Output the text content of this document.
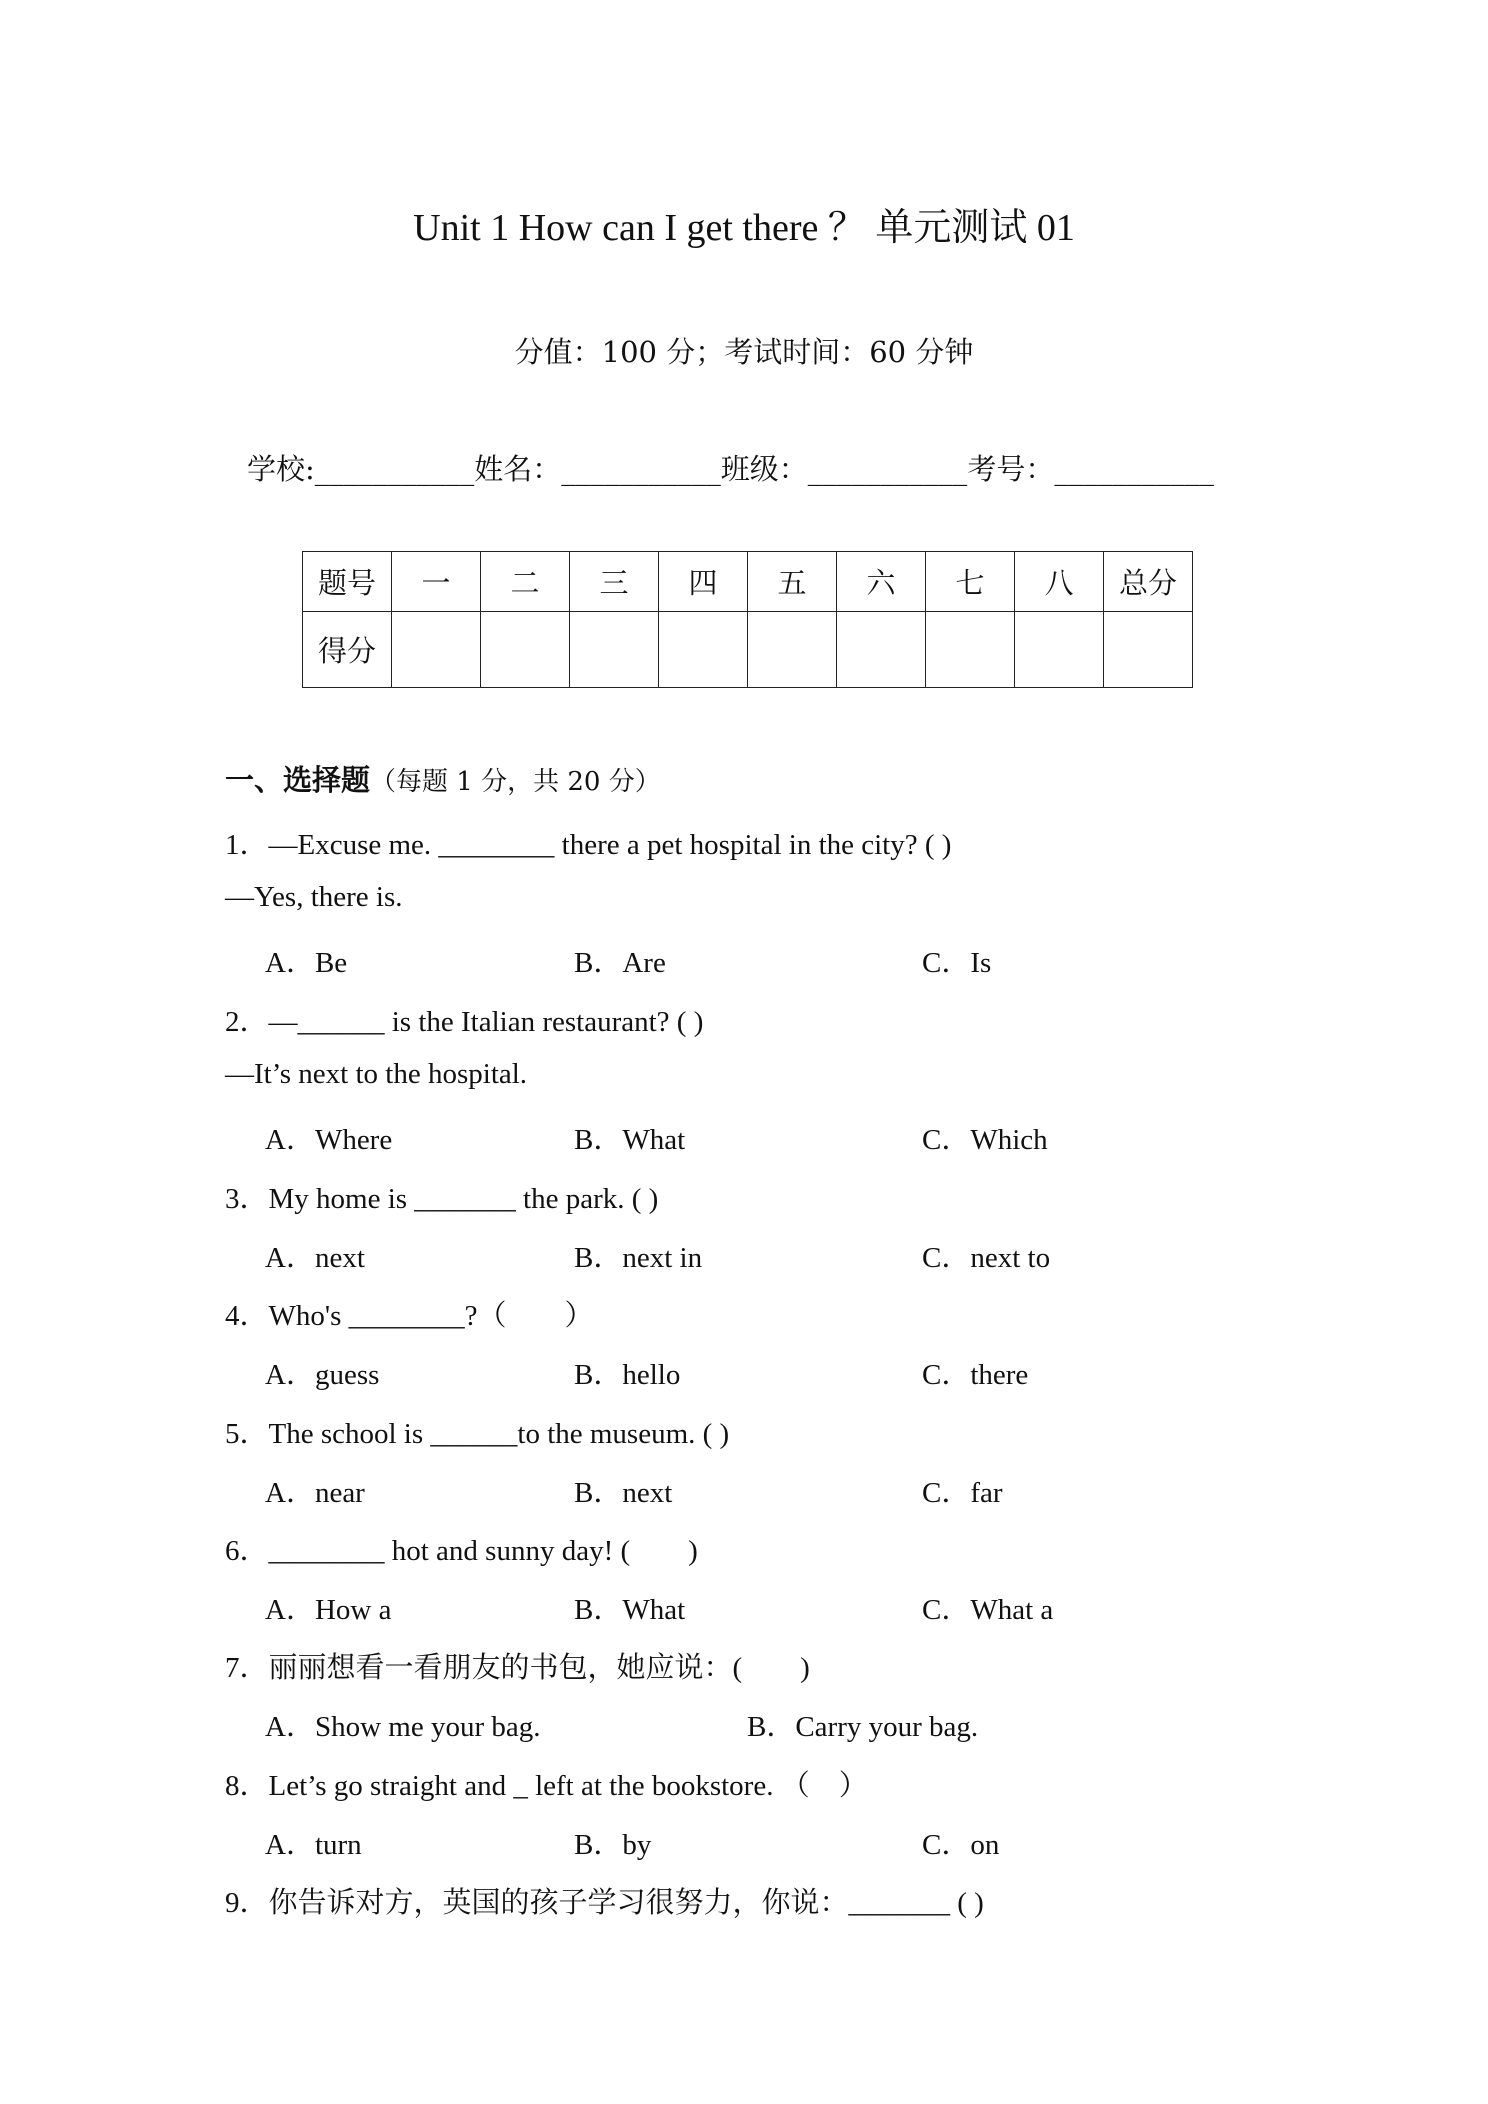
Unit 1 How can I get there ？ 单元测试 01
分值：100 分；考试时间：60 分钟
学校:___________姓名：___________班级：___________考号：___________
题号	一	二	三	四	五	六	七	八	总分
得分									
一、选择题（每题 1 分，共 20 分）
1．—Excuse me. ________ there a pet hospital in the city? ( )
—Yes, there is.
A．Be	B．Are	C．Is
2．—______ is the Italian restaurant? ( )
—It’s next to the hospital.
A．Where	B．What	C．Which
3．My home is _______ the park. ( )
A．next	B．next in	C．next to
4．Who's ________?（　　）
A．guess	B．hello	C．there
5．The school is ______to the museum. ( )
A．near	B．next	C．far
6．________ hot and sunny day! (　　)
A．How a	B．What	C．What a
7．丽丽想看一看朋友的书包，她应说：(　　)
A．Show me your bag.	B．Carry your bag.
8．Let’s go straight and _ left at the bookstore. （　）
A．turn	B．by	C．on
9．你告诉对方，英国的孩子学习很努力，你说：_______ ( )
